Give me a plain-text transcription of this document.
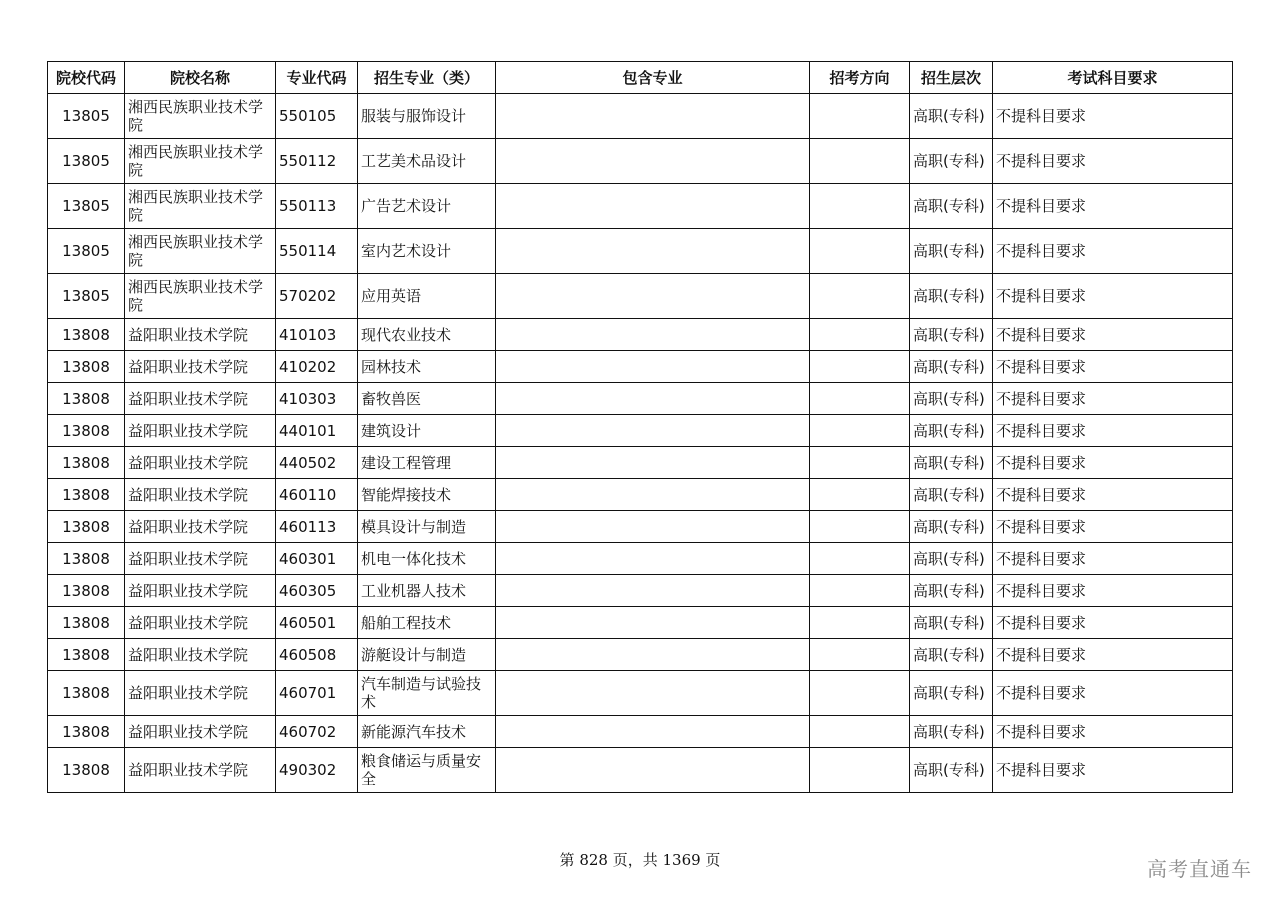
院校代码	院校名称	专业代码	招生专业（类）	包含专业	招考方向	招生层次	考试科目要求
13805	湘西民族职业技术学院	550105	服装与服饰设计			高职(专科)	不提科目要求
13805	湘西民族职业技术学院	550112	工艺美术品设计			高职(专科)	不提科目要求
13805	湘西民族职业技术学院	550113	广告艺术设计			高职(专科)	不提科目要求
13805	湘西民族职业技术学院	550114	室内艺术设计			高职(专科)	不提科目要求
13805	湘西民族职业技术学院	570202	应用英语			高职(专科)	不提科目要求
13808	益阳职业技术学院	410103	现代农业技术			高职(专科)	不提科目要求
13808	益阳职业技术学院	410202	园林技术			高职(专科)	不提科目要求
13808	益阳职业技术学院	410303	畜牧兽医			高职(专科)	不提科目要求
13808	益阳职业技术学院	440101	建筑设计			高职(专科)	不提科目要求
13808	益阳职业技术学院	440502	建设工程管理			高职(专科)	不提科目要求
13808	益阳职业技术学院	460110	智能焊接技术			高职(专科)	不提科目要求
13808	益阳职业技术学院	460113	模具设计与制造			高职(专科)	不提科目要求
13808	益阳职业技术学院	460301	机电一体化技术			高职(专科)	不提科目要求
13808	益阳职业技术学院	460305	工业机器人技术			高职(专科)	不提科目要求
13808	益阳职业技术学院	460501	船舶工程技术			高职(专科)	不提科目要求
13808	益阳职业技术学院	460508	游艇设计与制造			高职(专科)	不提科目要求
13808	益阳职业技术学院	460701	汽车制造与试验技术			高职(专科)	不提科目要求
13808	益阳职业技术学院	460702	新能源汽车技术			高职(专科)	不提科目要求
13808	益阳职业技术学院	490302	粮食储运与质量安全			高职(专科)	不提科目要求
第 828 页，共 1369 页	高考直通车
